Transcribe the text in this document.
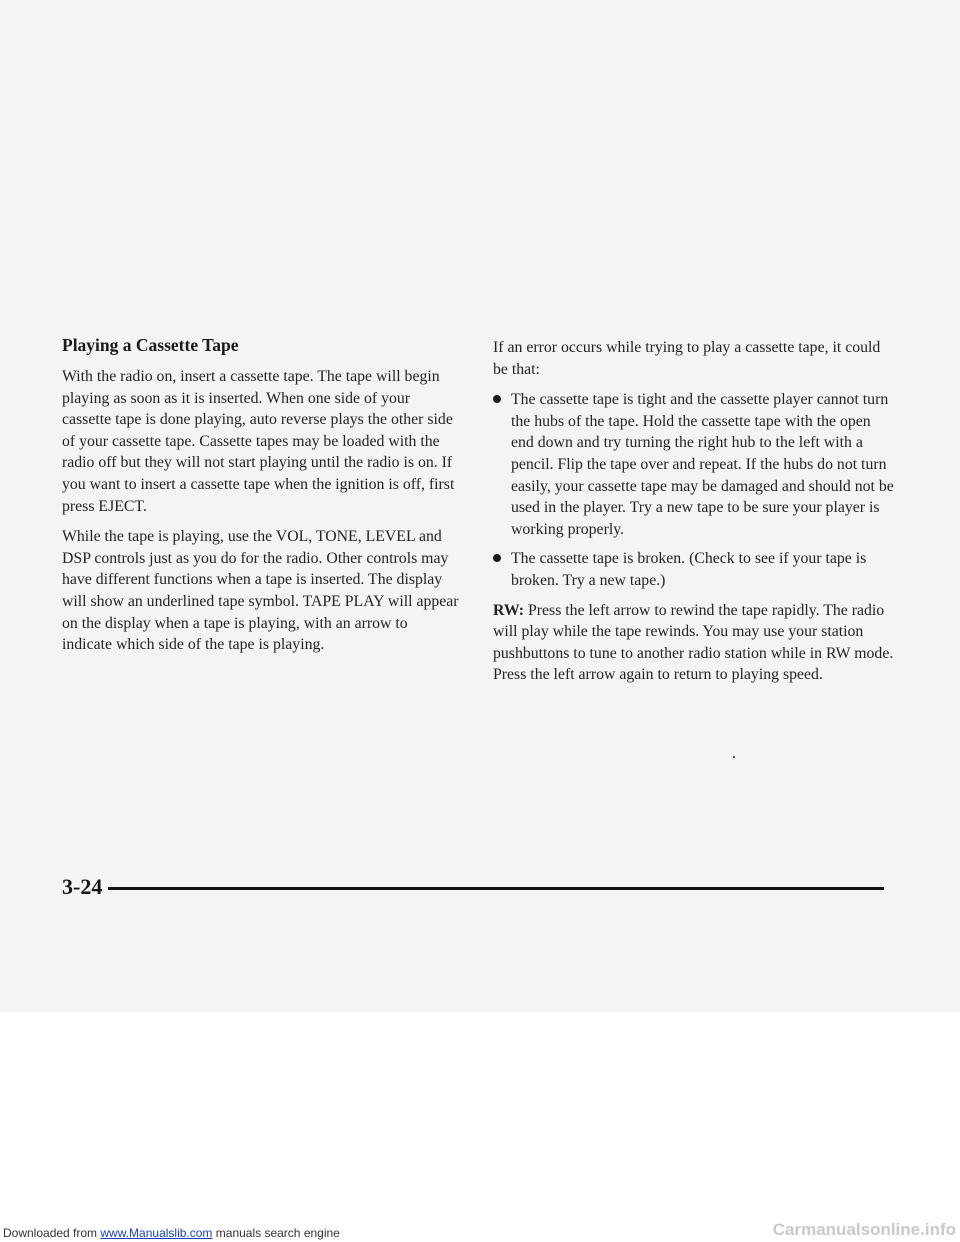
Playing a Cassette Tape

With the radio on, insert a cassette tape. The tape will begin playing as soon as it is inserted. When one side of your cassette tape is done playing, auto reverse plays the other side of your cassette tape. Cassette tapes may be loaded with the radio off but they will not start playing until the radio is on. If you want to insert a cassette tape when the ignition is off, first press EJECT.

While the tape is playing, use the VOL, TONE, LEVEL and DSP controls just as you do for the radio. Other controls may have different functions when a tape is inserted. The display will show an underlined tape symbol. TAPE PLAY will appear on the display when a tape is playing, with an arrow to indicate which side of the tape is playing.

If an error occurs while trying to play a cassette tape, it could be that:

The cassette tape is tight and the cassette player cannot turn the hubs of the tape. Hold the cassette tape with the open end down and try turning the right hub to the left with a pencil. Flip the tape over and repeat. If the hubs do not turn easily, your cassette tape may be damaged and should not be used in the player. Try a new tape to be sure your player is working properly.
The cassette tape is broken. (Check to see if your tape is broken. Try a new tape.)

RW: Press the left arrow to rewind the tape rapidly. The radio will play while the tape rewinds. You may use your station pushbuttons to tune to another radio station while in RW mode. Press the left arrow again to return to playing speed.

3-24
Downloaded from www.Manualslib.com manuals search engine	Carmanualsonline.info
